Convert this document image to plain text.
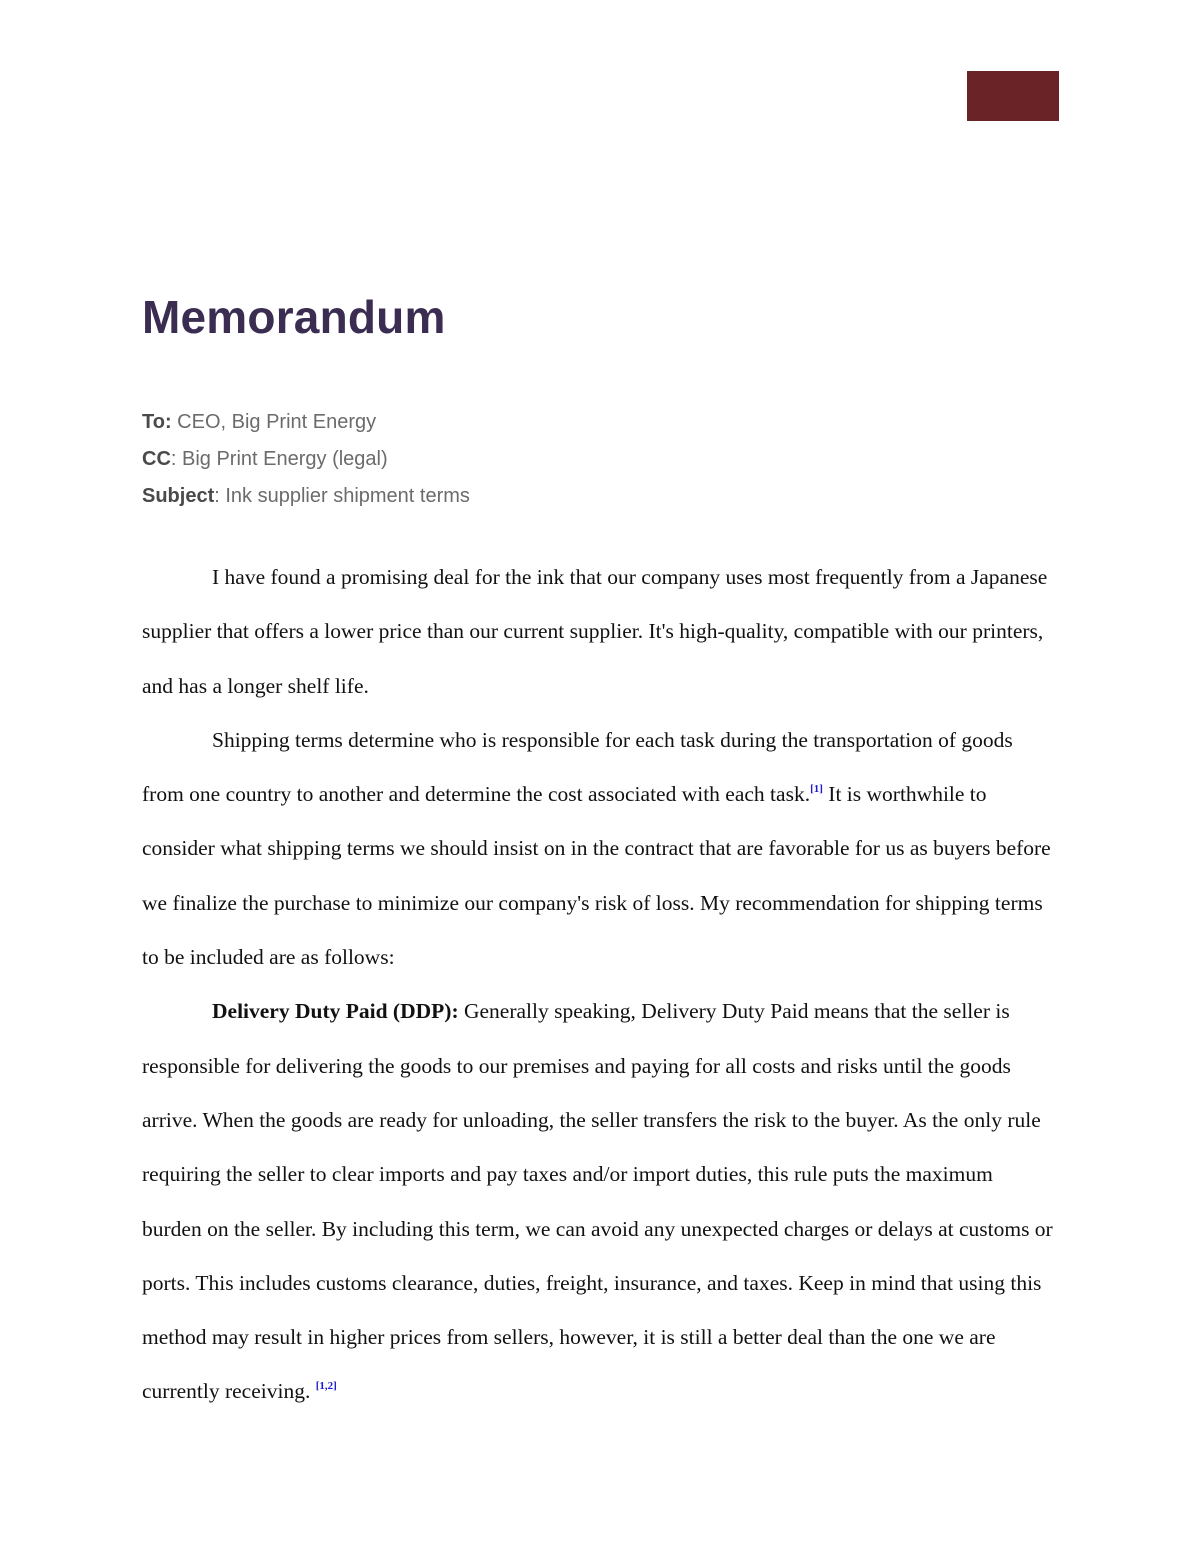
Memorandum
To: CEO, Big Print Energy
CC: Big Print Energy (legal)
Subject: Ink supplier shipment terms

I have found a promising deal for the ink that our company uses most frequently from a Japanese supplier that offers a lower price than our current supplier. It's high-quality, compatible with our printers, and has a longer shelf life.

Shipping terms determine who is responsible for each task during the transportation of goods from one country to another and determine the cost associated with each task.[1] It is worthwhile to consider what shipping terms we should insist on in the contract that are favorable for us as buyers before we finalize the purchase to minimize our company's risk of loss. My recommendation for shipping terms to be included are as follows:

Delivery Duty Paid (DDP): Generally speaking, Delivery Duty Paid means that the seller is responsible for delivering the goods to our premises and paying for all costs and risks until the goods arrive. When the goods are ready for unloading, the seller transfers the risk to the buyer. As the only rule requiring the seller to clear imports and pay taxes and/or import duties, this rule puts the maximum burden on the seller. By including this term, we can avoid any unexpected charges or delays at customs or ports. This includes customs clearance, duties, freight, insurance, and taxes. Keep in mind that using this method may result in higher prices from sellers, however, it is still a better deal than the one we are currently receiving. [1,2]
